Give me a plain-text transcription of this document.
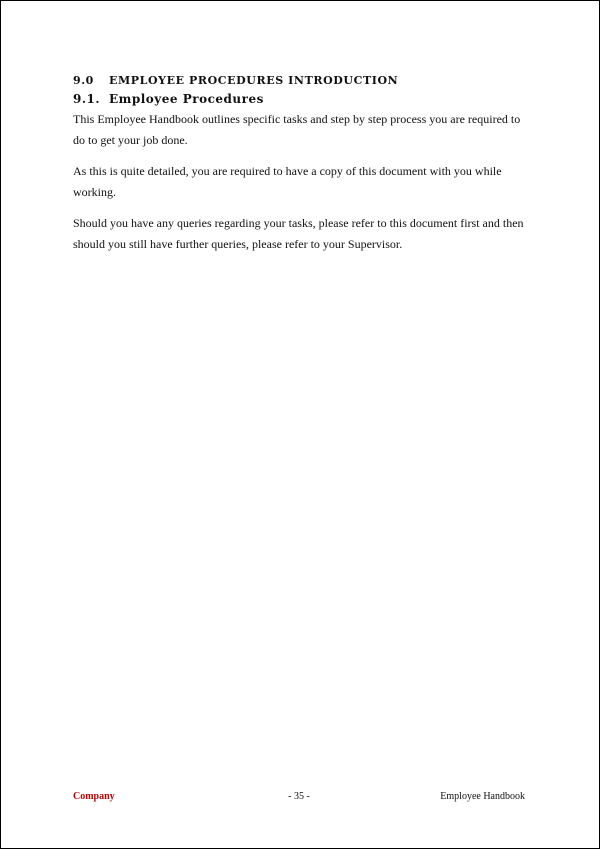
9.0	EMPLOYEE PROCEDURES INTRODUCTION
9.1. Employee Procedures

This Employee Handbook outlines specific tasks and step by step process you are required to do to get your job done.

As this is quite detailed, you are required to have a copy of this document with you while working.

Should you have any queries regarding your tasks, please refer to this document first and then should you still have further queries, please refer to your Supervisor.

Company	- 35 -	Employee Handbook
